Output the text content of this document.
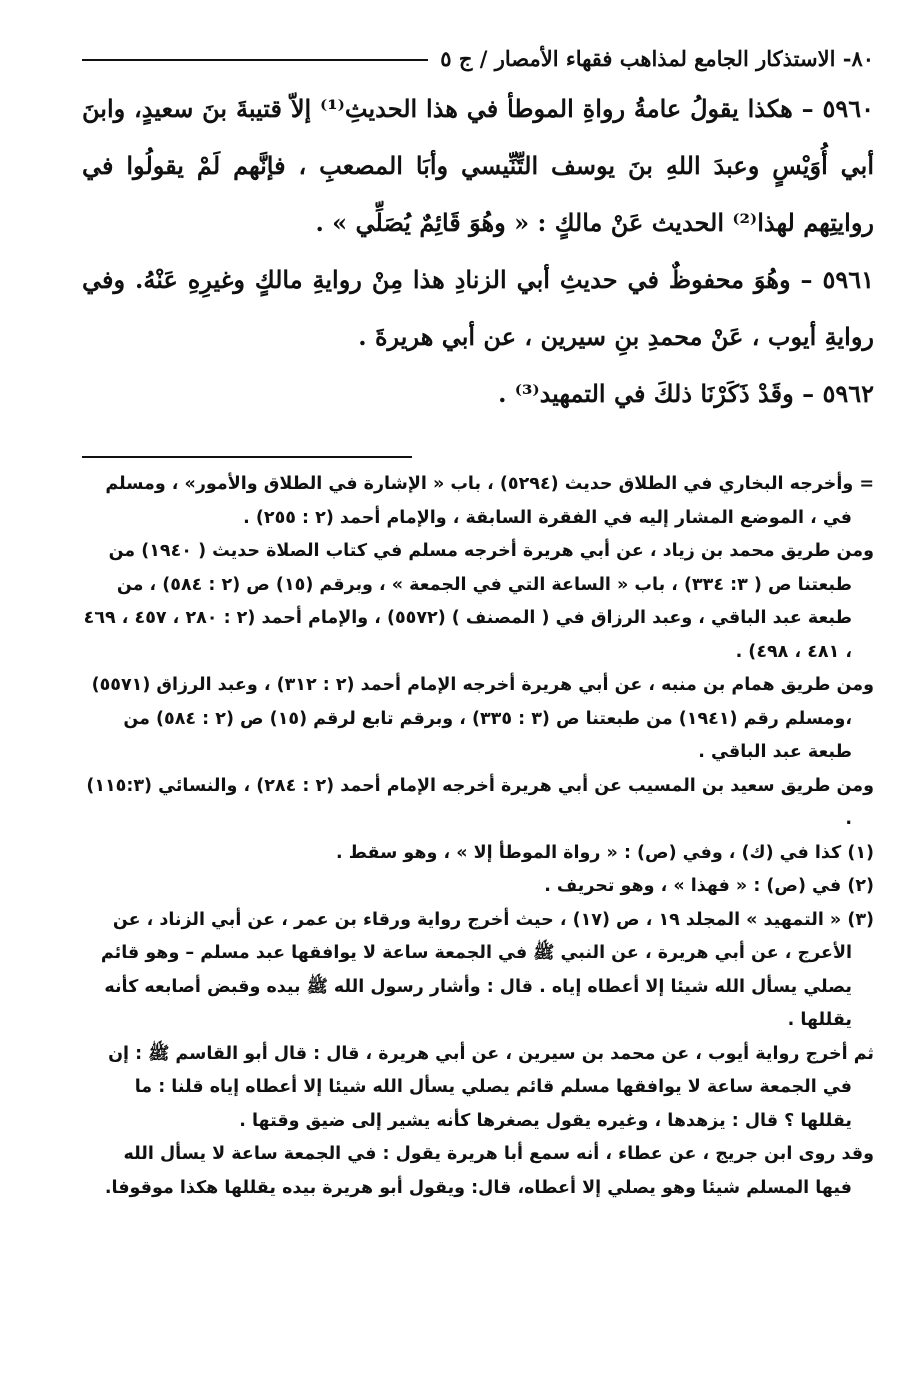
٨٠- الاستذكار الجامع لمذاهب فقهاء الأمصار / ج ٥

٥٩٦٠ – هكذا يقولُ عامةُ رواةِ الموطأ في هذا الحديثِ⁽¹⁾ إلاّ قتيبةَ بنَ سعيدٍ، وابنَ أبي أُوَيْسٍ وعبدَ اللهِ بنَ يوسف التِّنِّيسي وأبَا المصعبِ ، فإنَّهم لَمْ يقولُوا في روايتِهم لهذا⁽²⁾ الحديث عَنْ مالكٍ : « وهُوَ قَائِمٌ يُصَلِّي » .

٥٩٦١ – وهُوَ محفوظٌ في حديثِ أبي الزنادِ هذا مِنْ روايةِ مالكٍ وغيرِهِ عَنْهُ. وفي روايةِ أيوب ، عَنْ محمدِ بنِ سيرين ، عن أبي هريرةَ .

٥٩٦٢ – وقَدْ ذَكَرْنَا ذلكَ في التمهيد⁽³⁾ .

= وأخرجه البخاري في الطلاق حديث (٥٢٩٤) ، باب « الإشارة في الطلاق والأمور» ، ومسلم في ، الموضع المشار إليه في الفقرة السابقة ، والإمام أحمد (٢ : ٢٥٥) .

ومن طريق محمد بن زياد ، عن أبي هريرة أخرجه مسلم في كتاب الصلاة حديث ( ١٩٤٠) من طبعتنا ص ( ٣: ٣٣٤) ، باب « الساعة التي في الجمعة » ، وبرقم (١٥) ص (٢ : ٥٨٤) ، من طبعة عبد الباقي ، وعبد الرزاق في ( المصنف ) (٥٥٧٢) ، والإمام أحمد (٢ : ٢٨٠ ، ٤٥٧ ، ٤٦٩ ، ٤٨١ ، ٤٩٨) .

ومن طريق همام بن منبه ، عن أبي هريرة أخرجه الإمام أحمد (٢ : ٣١٢) ، وعبد الرزاق (٥٥٧١) ،ومسلم رقم (١٩٤١) من طبعتنا ص (٣ : ٣٣٥) ، وبرقم تابع لرقم (١٥) ص (٢ : ٥٨٤) من طبعة عبد الباقي .

ومن طريق سعيد بن المسيب عن أبي هريرة أخرجه الإمام أحمد (٢ : ٢٨٤) ، والنسائي (١١٥:٣) .

(١) كذا في (ك) ، وفي (ص) : « رواة الموطأ إلا » ، وهو سقط .

(٢) في (ص) : « فهذا » ، وهو تحريف .

(٣) « التمهيد » المجلد ١٩ ، ص (١٧) ، حيث أخرج رواية ورقاء بن عمر ، عن أبي الزناد ، عن الأعرج ، عن أبي هريرة ، عن النبي ﷺ في الجمعة ساعة لا يوافقها عبد مسلم – وهو قائم يصلي يسأل الله شيئا إلا أعطاه إياه . قال : وأشار رسول الله ﷺ بيده وقبض أصابعه كأنه يقللها .

ثم أخرج رواية أيوب ، عن محمد بن سيرين ، عن أبي هريرة ، قال : قال أبو القاسم ﷺ : إن في الجمعة ساعة لا يوافقها مسلم قائم يصلي يسأل الله شيئا إلا أعطاه إياه قلنا : ما يقللها ؟ قال : يزهدها ، وغيره يقول يصغرها كأنه يشير إلى ضيق وقتها .

وقد روى ابن جريج ، عن عطاء ، أنه سمع أبا هريرة يقول : في الجمعة ساعة لا يسأل الله فيها المسلم شيئا وهو يصلي إلا أعطاه، قال: ويقول أبو هريرة بيده يقللها هكذا موقوفا.
